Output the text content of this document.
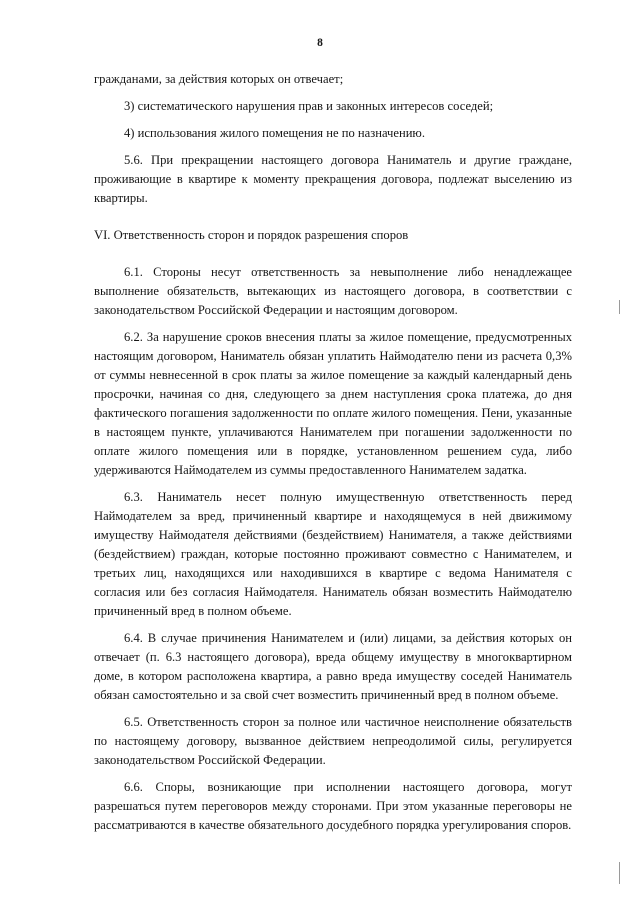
8

гражданами, за действия которых он отвечает;

3) систематического нарушения прав и законных интересов соседей;

4) использования жилого помещения не по назначению.

5.6. При прекращении настоящего договора Наниматель и другие граждане, проживающие в квартире к моменту прекращения договора, подлежат выселению из квартиры.

VI. Ответственность сторон и порядок разрешения споров

6.1. Стороны несут ответственность за невыполнение либо ненадлежащее выполнение обязательств, вытекающих из настоящего договора, в соответствии с законодательством Российской Федерации и настоящим договором.

6.2. За нарушение сроков внесения платы за жилое помещение, предусмотренных настоящим договором, Наниматель обязан уплатить Наймодателю пени из расчета 0,3% от суммы невнесенной в срок платы за жилое помещение за каждый календарный день просрочки, начиная со дня, следующего за днем наступления срока платежа, до дня фактического погашения задолженности по оплате жилого помещения. Пени, указанные в настоящем пункте, уплачиваются Нанимателем при погашении задолженности по оплате жилого помещения или в порядке, установленном решением суда, либо удерживаются Наймодателем из суммы предоставленного Нанимателем задатка.

6.3. Наниматель несет полную имущественную ответственность перед Наймодателем за вред, причиненный квартире и находящемуся в ней движимому имуществу Наймодателя действиями (бездействием) Нанимателя, а также действиями (бездействием) граждан, которые постоянно проживают совместно с Нанимателем, и третьих лиц, находящихся или находившихся в квартире с ведома Нанимателя с согласия или без согласия Наймодателя. Наниматель обязан возместить Наймодателю причиненный вред в полном объеме.

6.4. В случае причинения Нанимателем и (или) лицами, за действия которых он отвечает (п. 6.3 настоящего договора), вреда общему имуществу в многоквартирном доме, в котором расположена квартира, а равно вреда имуществу соседей Наниматель обязан самостоятельно и за свой счет возместить причиненный вред в полном объеме.

6.5. Ответственность сторон за полное или частичное неисполнение обязательств по настоящему договору, вызванное действием непреодолимой силы, регулируется законодательством Российской Федерации.

6.6. Споры, возникающие при исполнении настоящего договора, могут разрешаться путем переговоров между сторонами. При этом указанные переговоры не рассматриваются в качестве обязательного досудебного порядка урегулирования споров.
